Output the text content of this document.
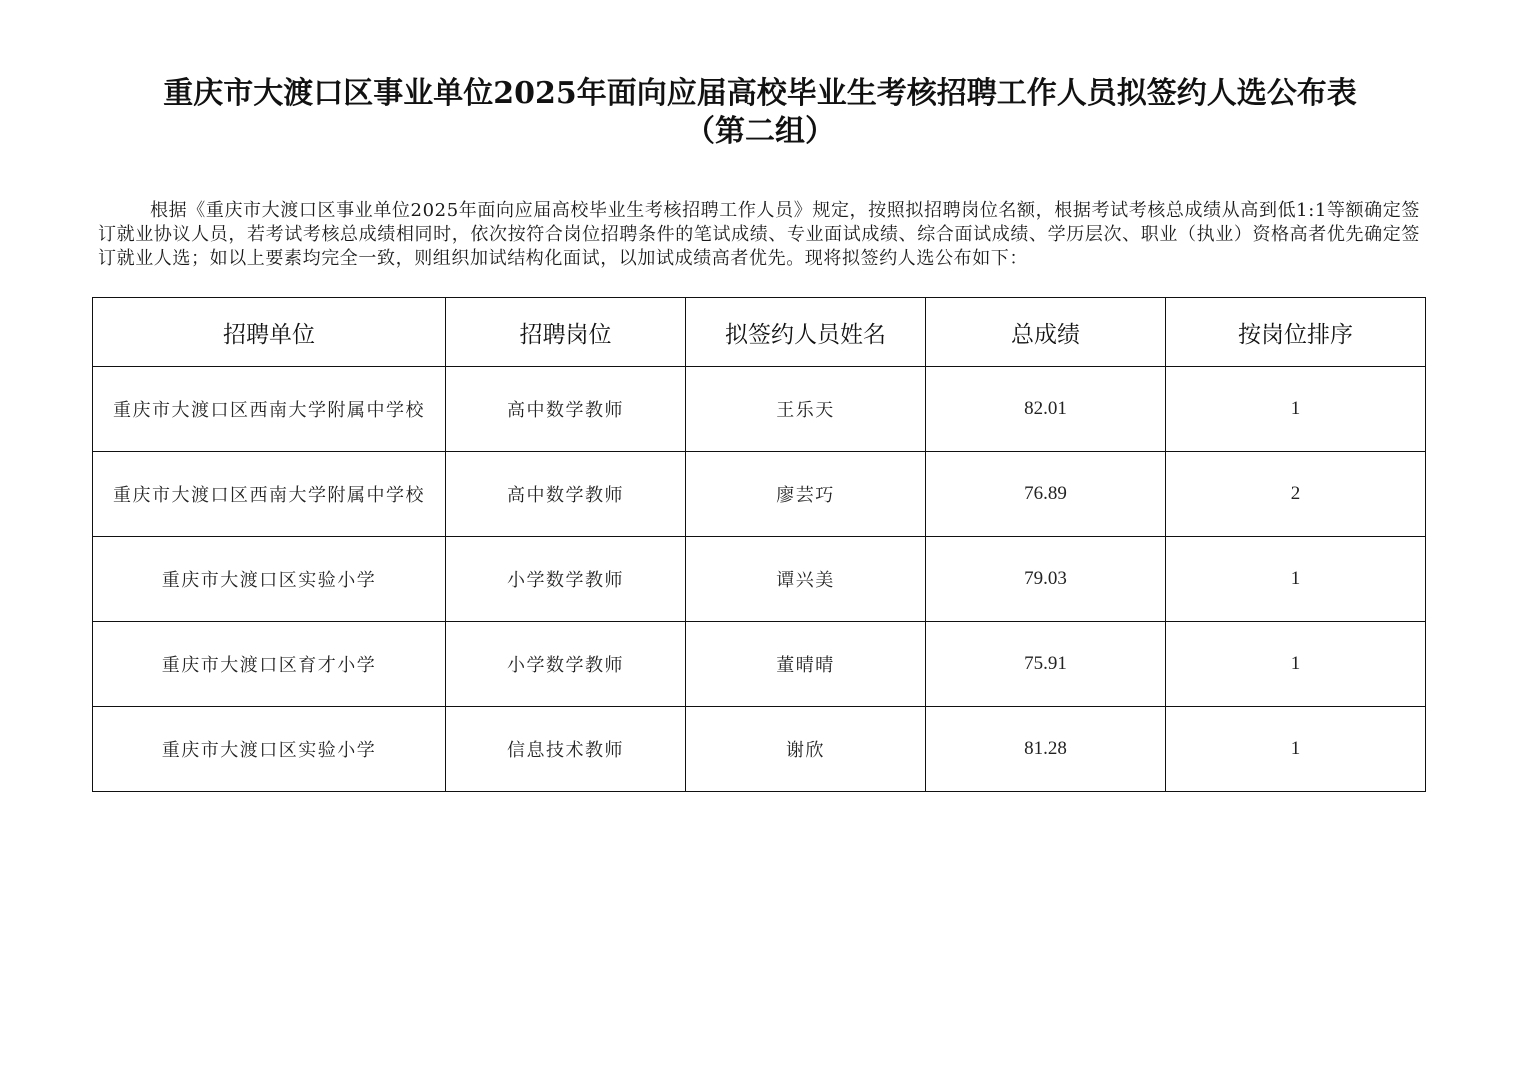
重庆市大渡口区事业单位2025年面向应届高校毕业生考核招聘工作人员拟签约人选公布表
（第二组）
根据《重庆市大渡口区事业单位2025年面向应届高校毕业生考核招聘工作人员》规定，按照拟招聘岗位名额，根据考试考核总成绩从高到低1:1等额确定签订就业协议人员，若考试考核总成绩相同时，依次按符合岗位招聘条件的笔试成绩、专业面试成绩、综合面试成绩、学历层次、职业（执业）资格高者优先确定签订就业人选；如以上要素均完全一致，则组织加试结构化面试，以加试成绩高者优先。现将拟签约人选公布如下：
招聘单位	招聘岗位	拟签约人员姓名	总成绩	按岗位排序
重庆市大渡口区西南大学附属中学校	高中数学教师	王乐天	82.01	1
重庆市大渡口区西南大学附属中学校	高中数学教师	廖芸巧	76.89	2
重庆市大渡口区实验小学	小学数学教师	谭兴美	79.03	1
重庆市大渡口区育才小学	小学数学教师	董晴晴	75.91	1
重庆市大渡口区实验小学	信息技术教师	谢欣	81.28	1
